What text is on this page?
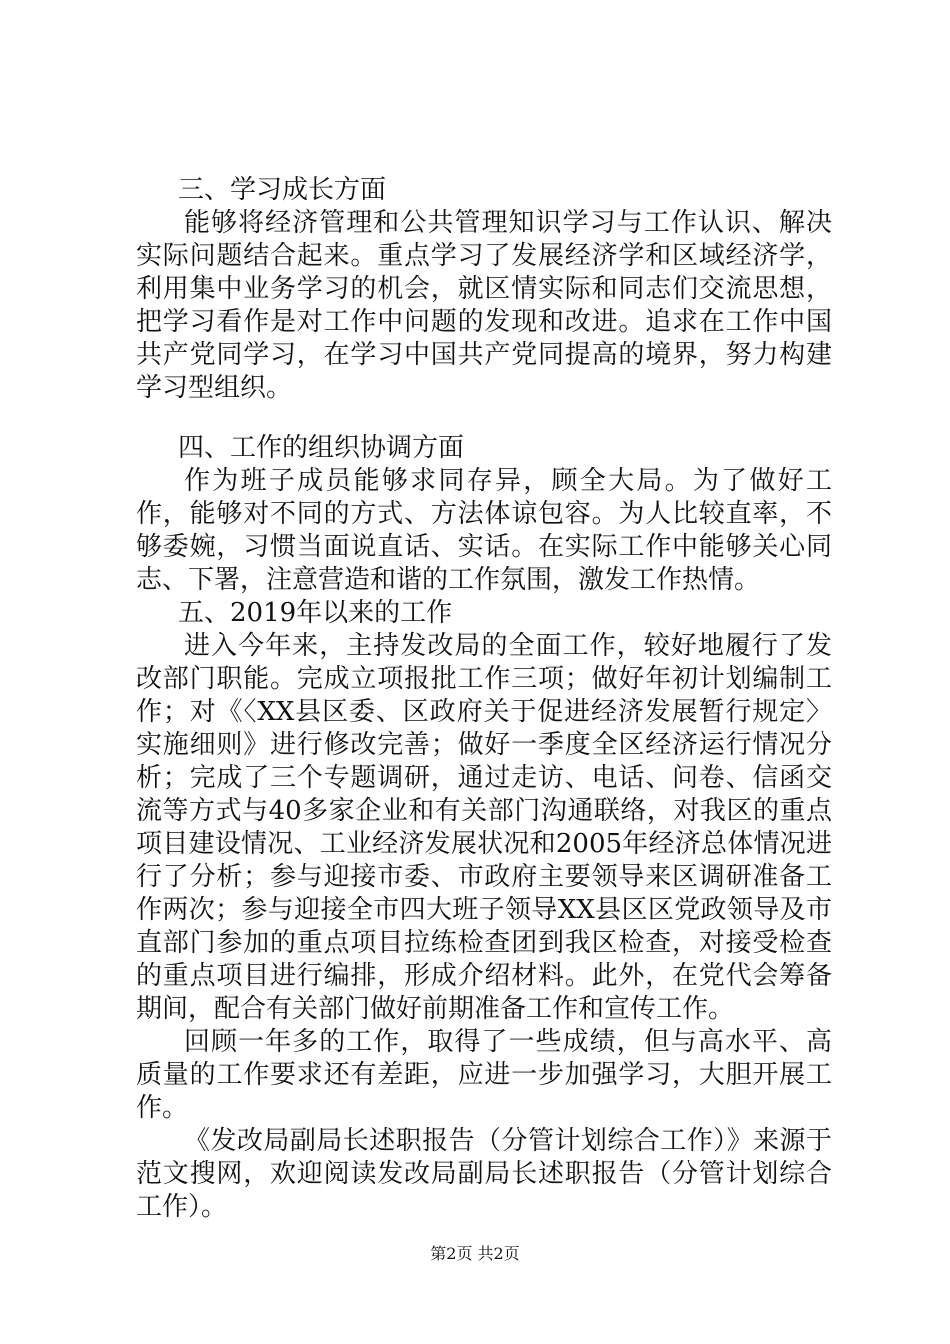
三、学习成长方面

能够将经济管理和公共管理知识学习与工作认识、解决实际问题结合起来。重点学习了发展经济学和区域经济学，利用集中业务学习的机会，就区情实际和同志们交流思想，把学习看作是对工作中问题的发现和改进。追求在工作中国共产党同学习，在学习中国共产党同提高的境界，努力构建学习型组织。

四、工作的组织协调方面

作为班子成员能够求同存异，顾全大局。为了做好工作，能够对不同的方式、方法体谅包容。为人比较直率，不够委婉，习惯当面说直话、实话。在实际工作中能够关心同志、下署，注意营造和谐的工作氛围，激发工作热情。

五、2019年以来的工作

进入今年来，主持发改局的全面工作，较好地履行了发改部门职能。完成立项报批工作三项；做好年初计划编制工作；对《〈XX县区委、区政府关于促进经济发展暂行规定〉实施细则》进行修改完善；做好一季度全区经济运行情况分析；完成了三个专题调研，通过走访、电话、问卷、信函交流等方式与40多家企业和有关部门沟通联络，对我区的重点项目建设情况、工业经济发展状况和2005年经济总体情况进行了分析；参与迎接市委、市政府主要领导来区调研准备工作两次；参与迎接全市四大班子领导XX县区区党政领导及市直部门参加的重点项目拉练检查团到我区检查，对接受检查的重点项目进行编排，形成介绍材料。此外，在党代会筹备期间，配合有关部门做好前期准备工作和宣传工作。

回顾一年多的工作，取得了一些成绩，但与高水平、高质量的工作要求还有差距，应进一步加强学习，大胆开展工作。

《发改局副局长述职报告（分管计划综合工作）》来源于范文搜网，欢迎阅读发改局副局长述职报告（分管计划综合工作）。

第2页 共2页
